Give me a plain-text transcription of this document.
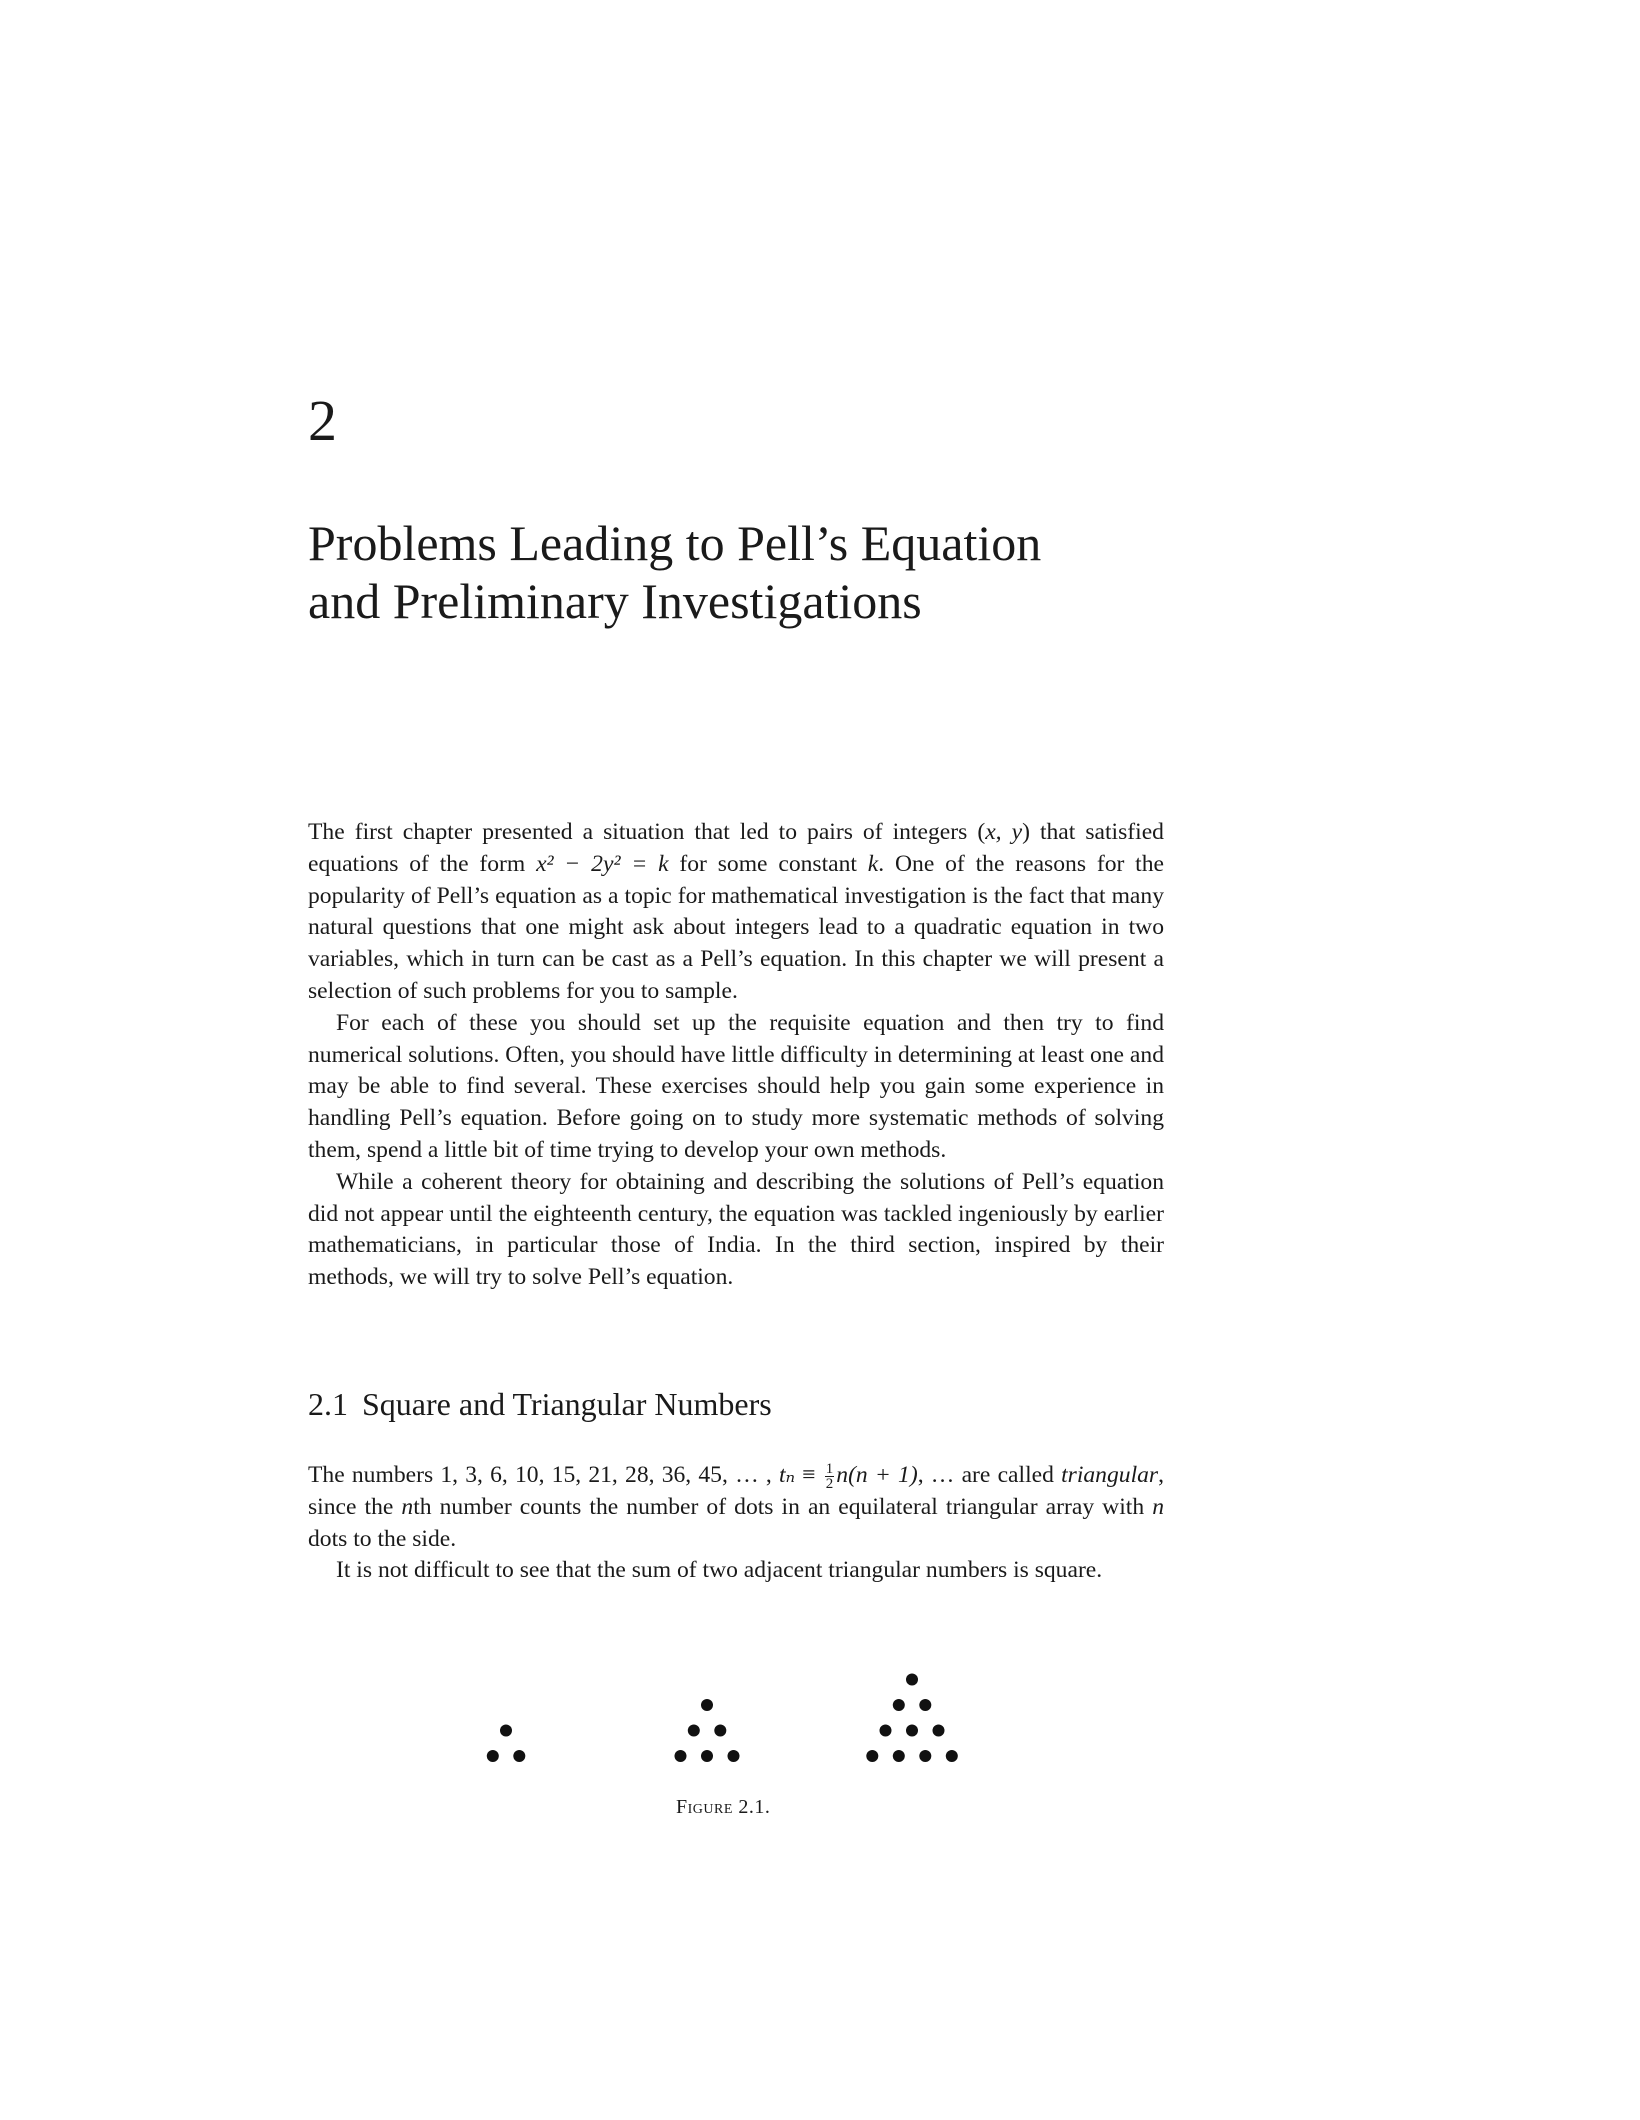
2
Problems Leading to Pell’s Equation
and Preliminary Investigations

The first chapter presented a situation that led to pairs of integers (x, y) that satisfied equations of the form x² − 2y² = k for some constant k. One of the reasons for the popularity of Pell’s equation as a topic for mathematical investigation is the fact that many natural questions that one might ask about integers lead to a quadratic equation in two variables, which in turn can be cast as a Pell’s equation. In this chapter we will present a selection of such problems for you to sample.

For each of these you should set up the requisite equation and then try to find numerical solutions. Often, you should have little difficulty in determining at least one and may be able to find several. These exercises should help you gain some experience in handling Pell’s equation. Before going on to study more systematic methods of solving them, spend a little bit of time trying to develop your own methods.

While a coherent theory for obtaining and describing the solutions of Pell’s equation did not appear until the eighteenth century, the equation was tackled ingeniously by earlier mathematicians, in particular those of India. In the third section, inspired by their methods, we will try to solve Pell’s equation.

2.1 Square and Triangular Numbers

The numbers 1, 3, 6, 10, 15, 21, 28, 36, 45, … , $t_n \equiv \frac{1}{2} n(n + 1)$, … are called triangular, since the nth number counts the number of dots in an equilateral triangular array with n dots to the side.

It is not difficult to see that the sum of two adjacent triangular numbers is square.

Figure 2.1.
